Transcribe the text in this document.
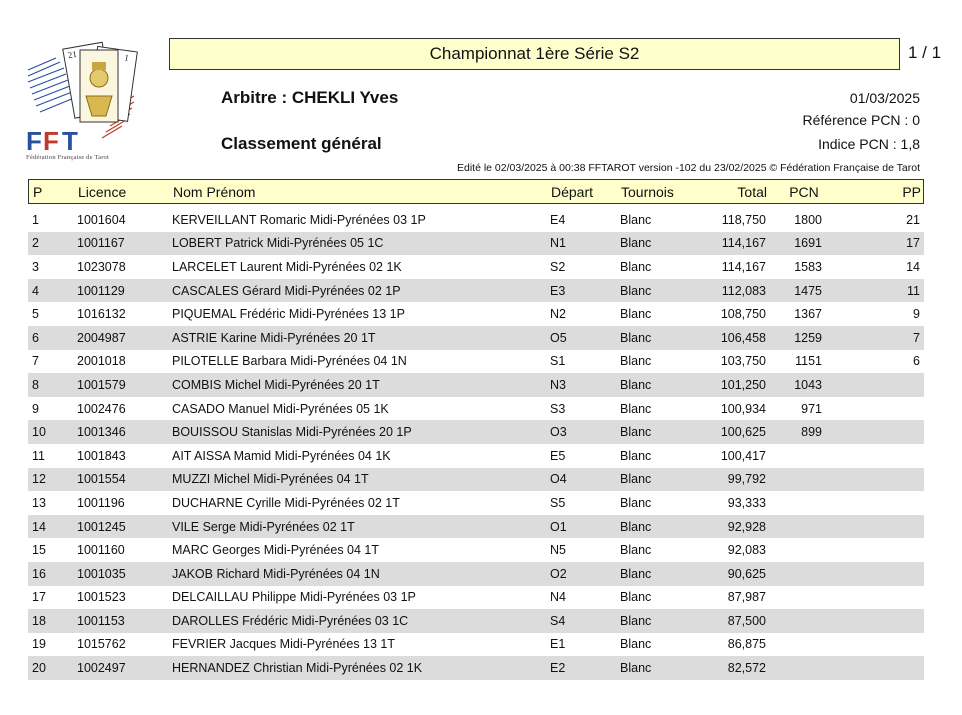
21	1
F F T
Fédération Française de Tarot
Championnat 1ère Série S2	1 / 1
Arbitre : CHEKLI Yves
Classement général
01/03/2025
Référence PCN : 0
Indice PCN : 1,8
Edité le 02/03/2025 à 00:38 FFTAROT version -102 du 23/02/2025 © Fédération Française de Tarot
P	Licence	Nom Prénom	Départ	Tournois	Total	PCN	PP
1	1001604	KERVEILLANT Romaric Midi-Pyrénées 03 1P	E4	Blanc	118,750	1800	21
2	1001167	LOBERT Patrick Midi-Pyrénées 05 1C	N1	Blanc	114,167	1691	17
3	1023078	LARCELET Laurent Midi-Pyrénées 02 1K	S2	Blanc	114,167	1583	14
4	1001129	CASCALES Gérard Midi-Pyrénées 02 1P	E3	Blanc	112,083	1475	11
5	1016132	PIQUEMAL Frédéric Midi-Pyrénées 13 1P	N2	Blanc	108,750	1367	9
6	2004987	ASTRIE Karine Midi-Pyrénées 20 1T	O5	Blanc	106,458	1259	7
7	2001018	PILOTELLE Barbara Midi-Pyrénées 04 1N	S1	Blanc	103,750	1151	6
8	1001579	COMBIS Michel Midi-Pyrénées 20 1T	N3	Blanc	101,250	1043
9	1002476	CASADO Manuel Midi-Pyrénées 05 1K	S3	Blanc	100,934	971
10	1001346	BOUISSOU Stanislas Midi-Pyrénées 20 1P	O3	Blanc	100,625	899
11	1001843	AIT AISSA Mamid Midi-Pyrénées 04 1K	E5	Blanc	100,417
12	1001554	MUZZI Michel Midi-Pyrénées 04 1T	O4	Blanc	99,792
13	1001196	DUCHARNE Cyrille Midi-Pyrénées 02 1T	S5	Blanc	93,333
14	1001245	VILE Serge Midi-Pyrénées 02 1T	O1	Blanc	92,928
15	1001160	MARC Georges Midi-Pyrénées 04 1T	N5	Blanc	92,083
16	1001035	JAKOB Richard Midi-Pyrénées 04 1N	O2	Blanc	90,625
17	1001523	DELCAILLAU Philippe Midi-Pyrénées 03 1P	N4	Blanc	87,987
18	1001153	DAROLLES Frédéric Midi-Pyrénées 03 1C	S4	Blanc	87,500
19	1015762	FEVRIER Jacques Midi-Pyrénées 13 1T	E1	Blanc	86,875
20	1002497	HERNANDEZ Christian Midi-Pyrénées 02 1K	E2	Blanc	82,572
